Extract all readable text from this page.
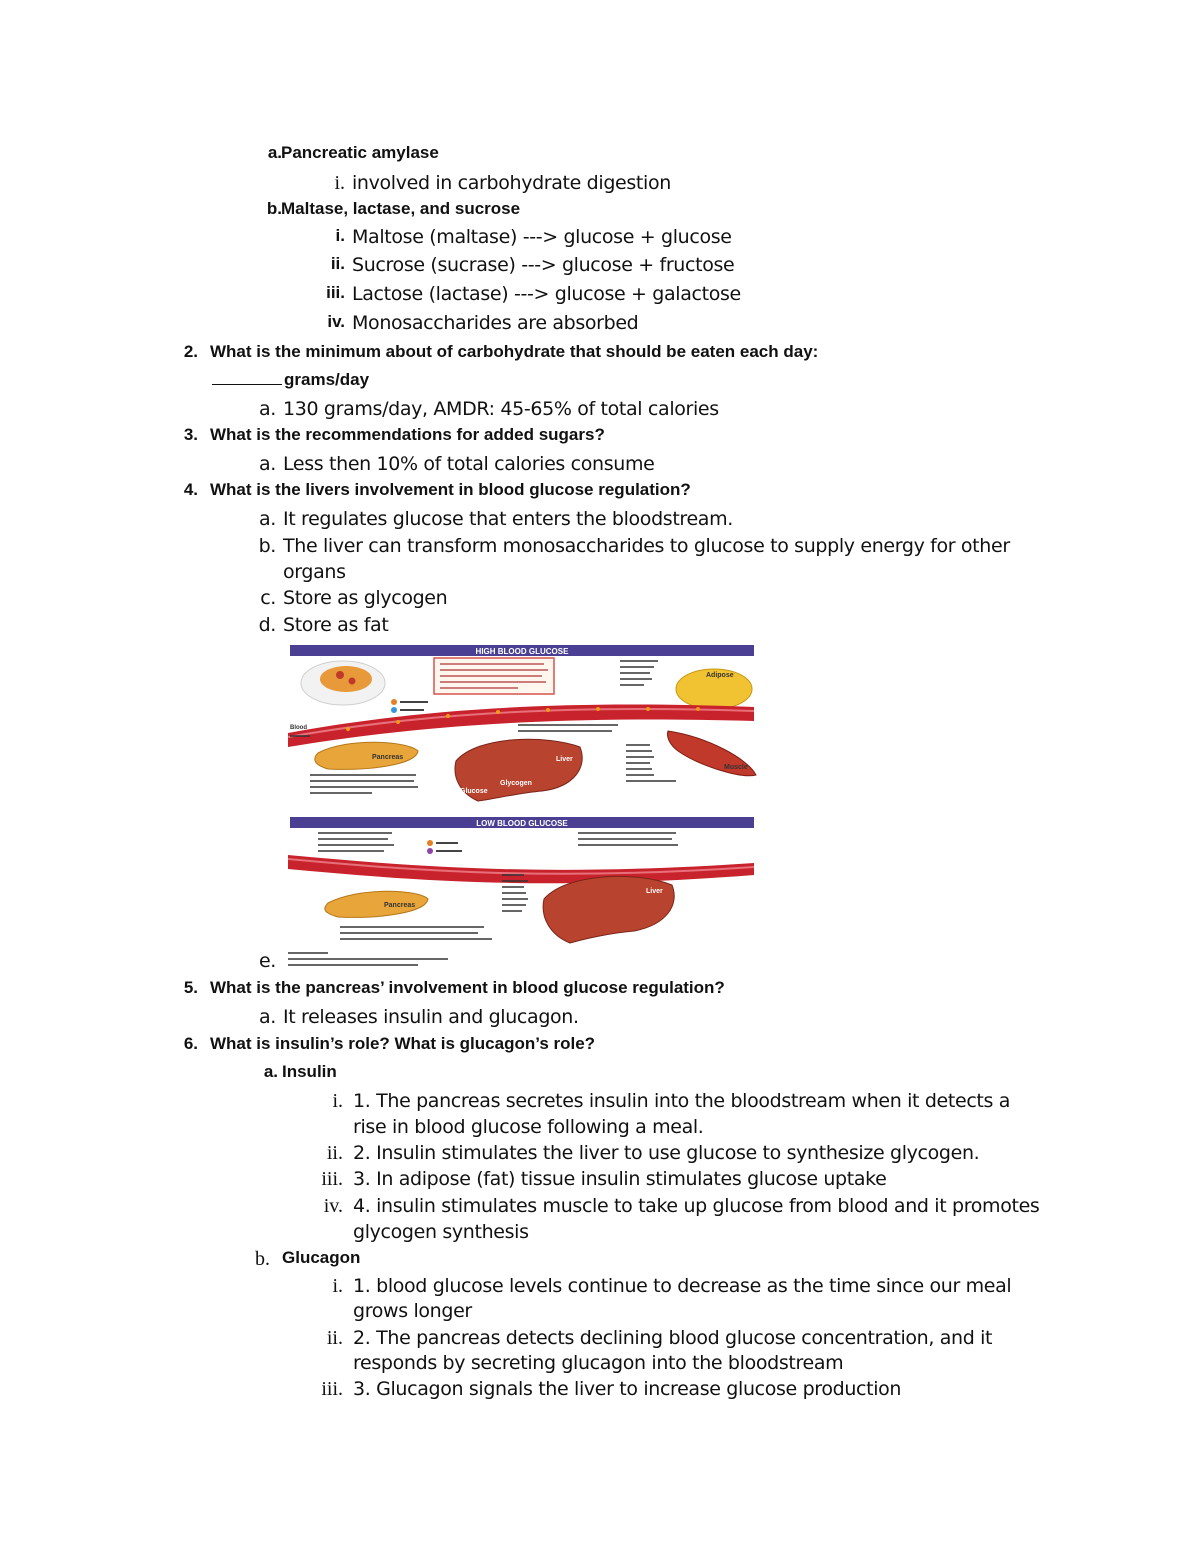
a. Pancreatic amylase
i. involved in carbohydrate digestion
b. Maltase, lactase, and sucrose
i. Maltose (maltase) ---> glucose + glucose
ii. Sucrose (sucrase) ---> glucose + fructose
iii. Lactose (lactase) ---> glucose + galactose
iv. Monosaccharides are absorbed
2. What is the minimum about of carbohydrate that should be eaten each day:
grams/day
a. 130 grams/day, AMDR: 45-65% of total calories
3. What is the recommendations for added sugars?
a. Less then 10% of total calories consume
4. What is the livers involvement in blood glucose regulation?
a. It regulates glucose that enters the bloodstream.
b. The liver can transform monosaccharides to glucose to supply energy for other
organs
c. Store as glycogen
d. Store as fat
e.
5. What is the pancreas’ involvement in blood glucose regulation?
a. It releases insulin and glucagon.
6. What is insulin’s role? What is glucagon’s role?
a. Insulin
i. 1. The pancreas secretes insulin into the bloodstream when it detects a
rise in blood glucose following a meal.
ii. 2. Insulin stimulates the liver to use glucose to synthesize glycogen.
iii. 3. In adipose (fat) tissue insulin stimulates glucose uptake
iv. 4. insulin stimulates muscle to take up glucose from blood and it promotes
glycogen synthesis
b. Glucagon
i. 1. blood glucose levels continue to decrease as the time since our meal
grows longer
ii. 2. The pancreas detects declining blood glucose concentration, and it
responds by secreting glucagon into the bloodstream
iii. 3. Glucagon signals the liver to increase glucose production
HIGH BLOOD GLUCOSE
Adipose
Blood
Pancreas	Liver
Glucose
Glycogen
Muscle
LOW BLOOD GLUCOSE
Pancreas
Liver
